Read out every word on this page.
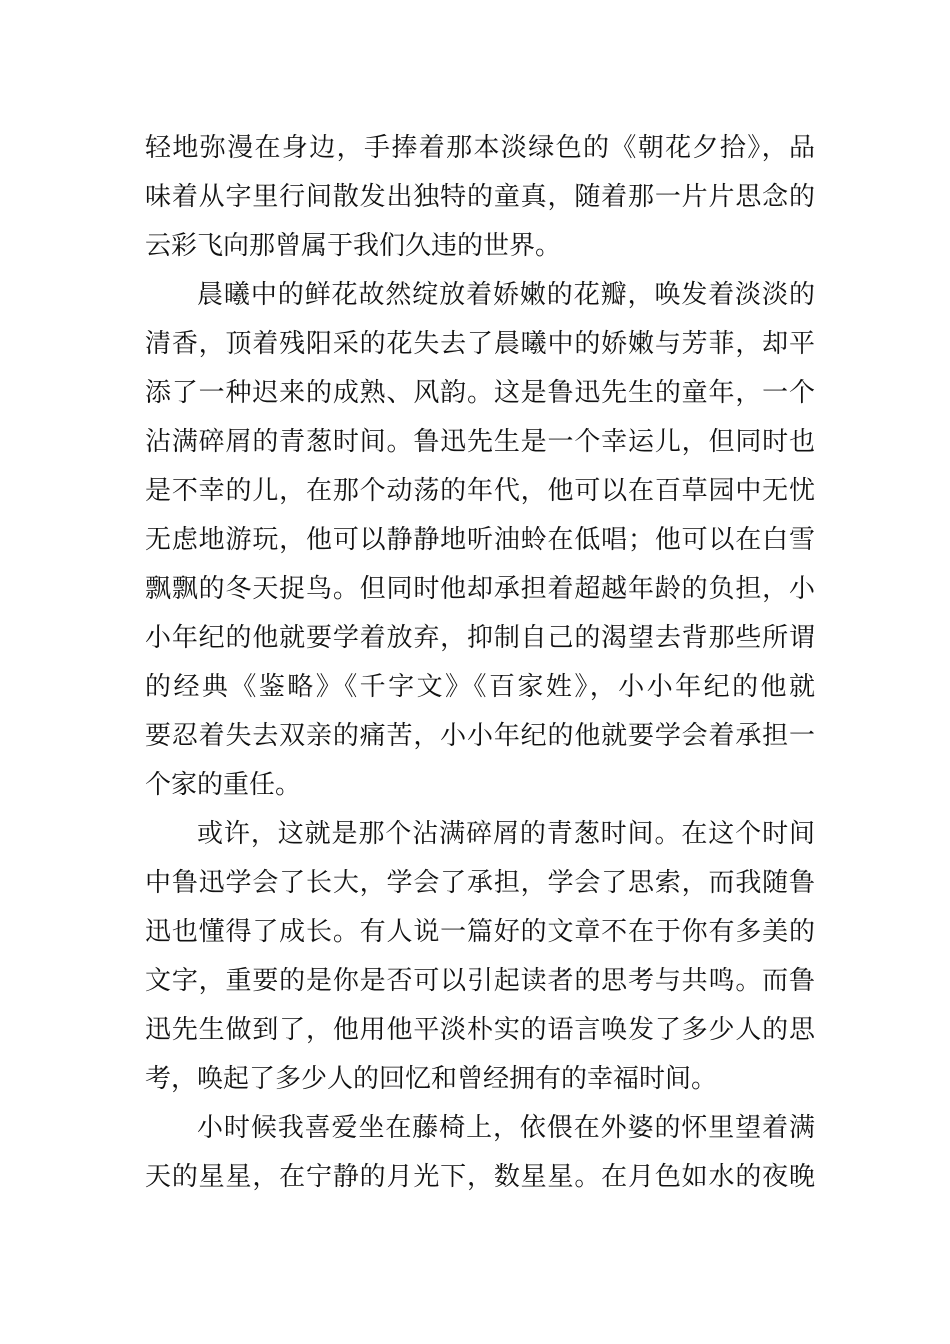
轻地弥漫在身边，手捧着那本淡绿色的《朝花夕拾》，品
味着从字里行间散发出独特的童真，随着那一片片思念的
云彩飞向那曾属于我们久违的世界。
晨曦中的鲜花故然绽放着娇嫩的花瓣，唤发着淡淡的
清香，顶着残阳采的花失去了晨曦中的娇嫩与芳菲，却平
添了一种迟来的成熟、风韵。这是鲁迅先生的童年，一个
沾满碎屑的青葱时间。鲁迅先生是一个幸运儿，但同时也
是不幸的儿，在那个动荡的年代，他可以在百草园中无忧
无虑地游玩，他可以静静地听油蛉在低唱；他可以在白雪
飘飘的冬天捉鸟。但同时他却承担着超越年龄的负担，小
小年纪的他就要学着放弃，抑制自己的渴望去背那些所谓
的经典《鉴略》《千字文》《百家姓》，小小年纪的他就
要忍着失去双亲的痛苦，小小年纪的他就要学会着承担一
个家的重任。
或许，这就是那个沾满碎屑的青葱时间。在这个时间
中鲁迅学会了长大，学会了承担，学会了思索，而我随鲁
迅也懂得了成长。有人说一篇好的文章不在于你有多美的
文字，重要的是你是否可以引起读者的思考与共鸣。而鲁
迅先生做到了，他用他平淡朴实的语言唤发了多少人的思
考，唤起了多少人的回忆和曾经拥有的幸福时间。
小时候我喜爱坐在藤椅上，依偎在外婆的怀里望着满
天的星星，在宁静的月光下，数星星。在月色如水的夜晚
